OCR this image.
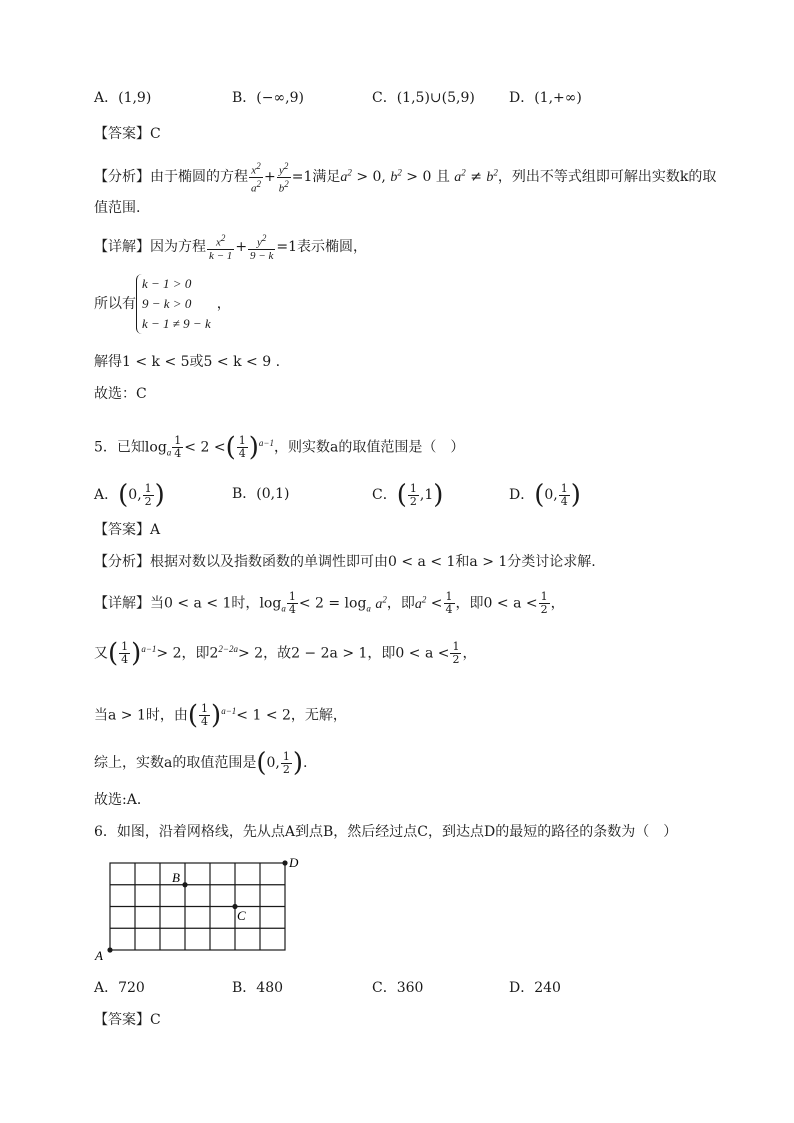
A．(1,9)	B．(−∞,9)	C．(1,5)∪(5,9) D．(1,+∞)
【答案】C
【分析】由于椭圆的方程 $\frac{x^2}{a^2} + \frac{y^2}{b^2} =1$满足$a^2 > 0$, $b^2 > 0$ 且 $a^2 \ne b^2$，列出不等式组即可解出实数k的取
值范围.
【详解】因为方程 $\frac{x^2}{k - 1} + \frac{y^2}{9 - k} =1$表示椭圆，
所以有
k − 1 > 0
9 − k > 0
k − 1 ≠ 9 − k
，
解得1 < k < 5或5 < k < 9 .
故选：C
5．已知$\log_a \frac{1}{4} < 2$ <( $\frac{1}{4} )^{a-1}$，则实数a的取值范围是（　）
A．(0, $\frac{1}{2}$ )	B．(0,1)	C．( $\frac{1}{2} ,1$)	D．(0, $\frac{1}{4}$ )
【答案】A
【分析】根据对数以及指数函数的单调性即可由0 < a < 1和a > 1分类讨论求解.
【详解】当0 < a < 1时，$\log_a \frac{1}{4} < 2 = \log_a a^2$，即$a^2 < \frac{1}{4}$ ，即$0 < a < \frac{1}{2}$ ，
又( $\frac{1}{4} )^{a-1}> 2$，即$2^{2-2a}> 2$，故2 − 2a > 1，即$0 < a < \frac{1}{2}$ ，
当a > 1时，由( $\frac{1}{4} )^{a-1}< 1 < 2$，无解，
综上，实数a的取值范围是(0, $\frac{1}{2}$ ).
故选:A．
6．如图，沿着网格线，先从点A到点B，然后经过点C，到达点D的最短的路径的条数为（　）
A
B
C
D
A．720	B．480	C．360	D．240
【答案】C
